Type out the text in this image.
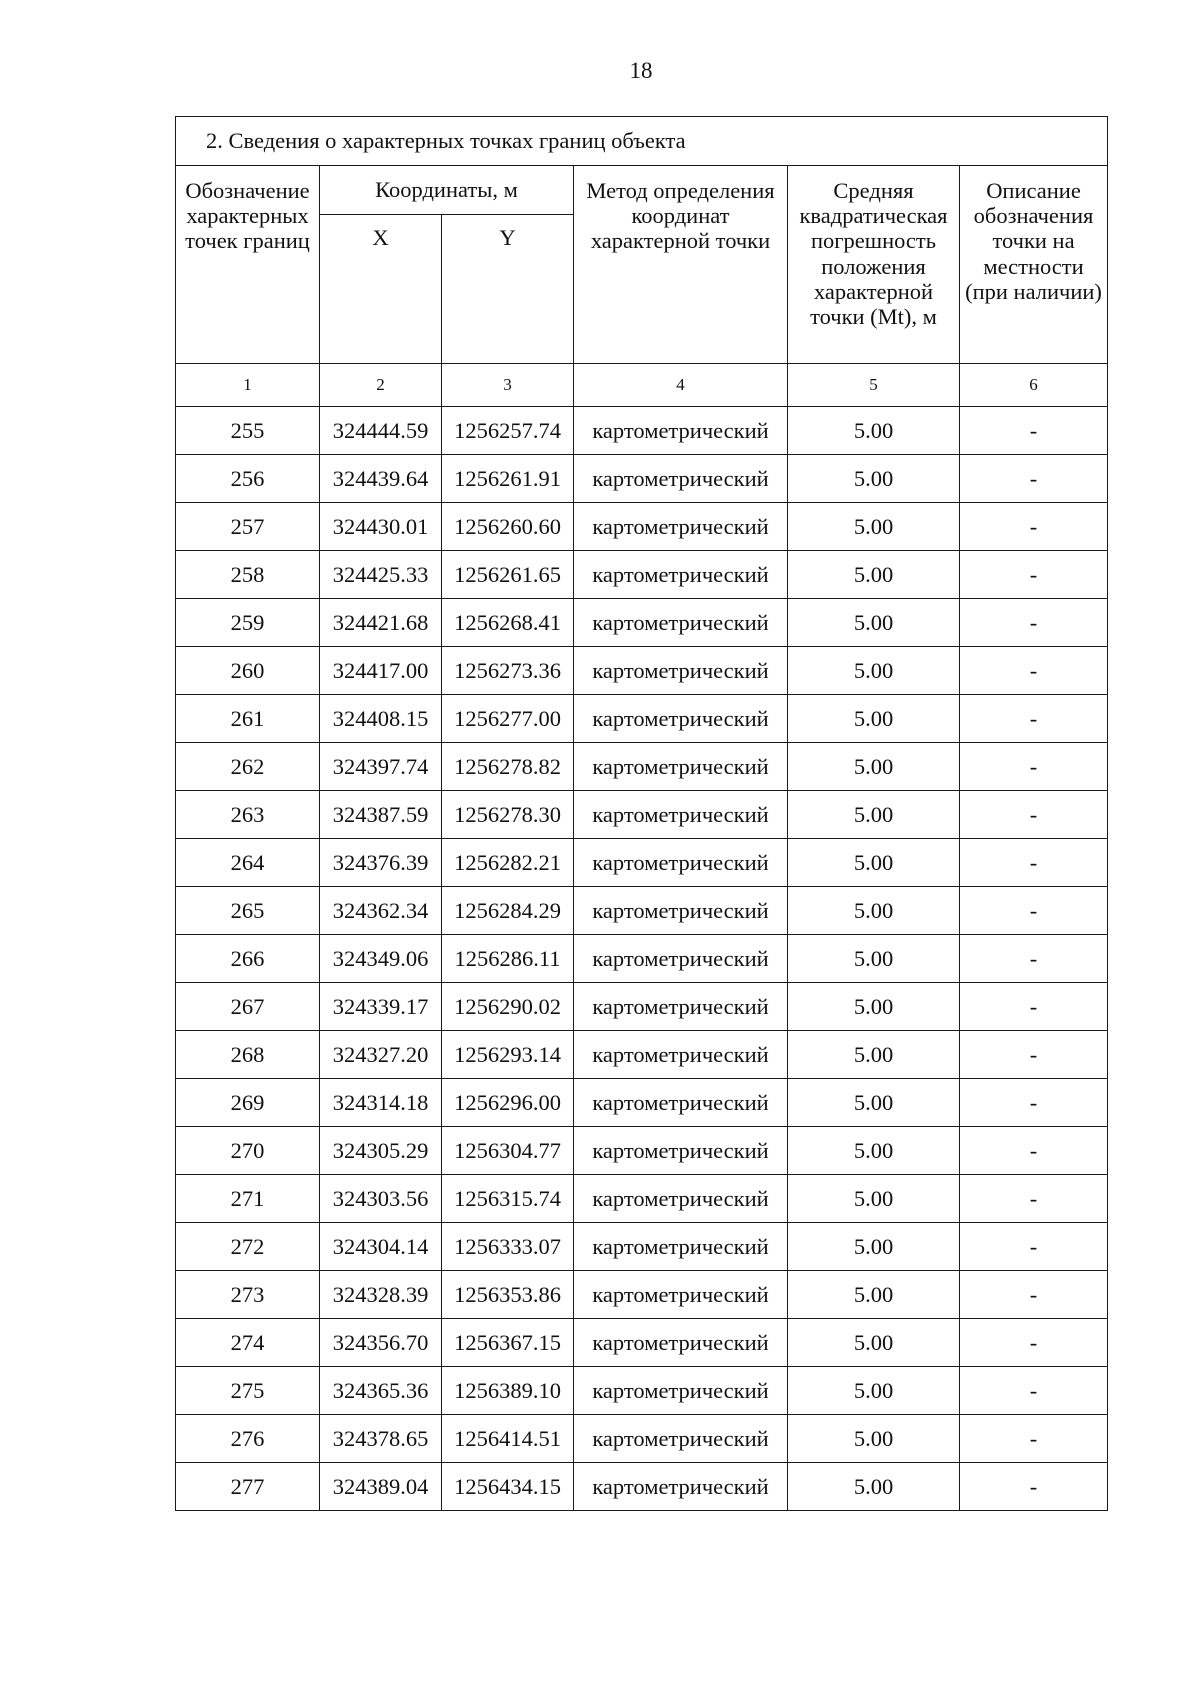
18
2. Сведения о характерных точках границ объекта					
Обозначение характерных точек границ	Координаты, м		Метод определения координат характерной точки	Средняя квадратическая погрешность положения характерной точки (Mt), м	Описание обозначения точки на местности (при наличии)
	X	Y			
1	2	3	4	5	6
255	324444.59	1256257.74	картометрический	5.00	-
256	324439.64	1256261.91	картометрический	5.00	-
257	324430.01	1256260.60	картометрический	5.00	-
258	324425.33	1256261.65	картометрический	5.00	-
259	324421.68	1256268.41	картометрический	5.00	-
260	324417.00	1256273.36	картометрический	5.00	-
261	324408.15	1256277.00	картометрический	5.00	-
262	324397.74	1256278.82	картометрический	5.00	-
263	324387.59	1256278.30	картометрический	5.00	-
264	324376.39	1256282.21	картометрический	5.00	-
265	324362.34	1256284.29	картометрический	5.00	-
266	324349.06	1256286.11	картометрический	5.00	-
267	324339.17	1256290.02	картометрический	5.00	-
268	324327.20	1256293.14	картометрический	5.00	-
269	324314.18	1256296.00	картометрический	5.00	-
270	324305.29	1256304.77	картометрический	5.00	-
271	324303.56	1256315.74	картометрический	5.00	-
272	324304.14	1256333.07	картометрический	5.00	-
273	324328.39	1256353.86	картометрический	5.00	-
274	324356.70	1256367.15	картометрический	5.00	-
275	324365.36	1256389.10	картометрический	5.00	-
276	324378.65	1256414.51	картометрический	5.00	-
277	324389.04	1256434.15	картометрический	5.00	-
